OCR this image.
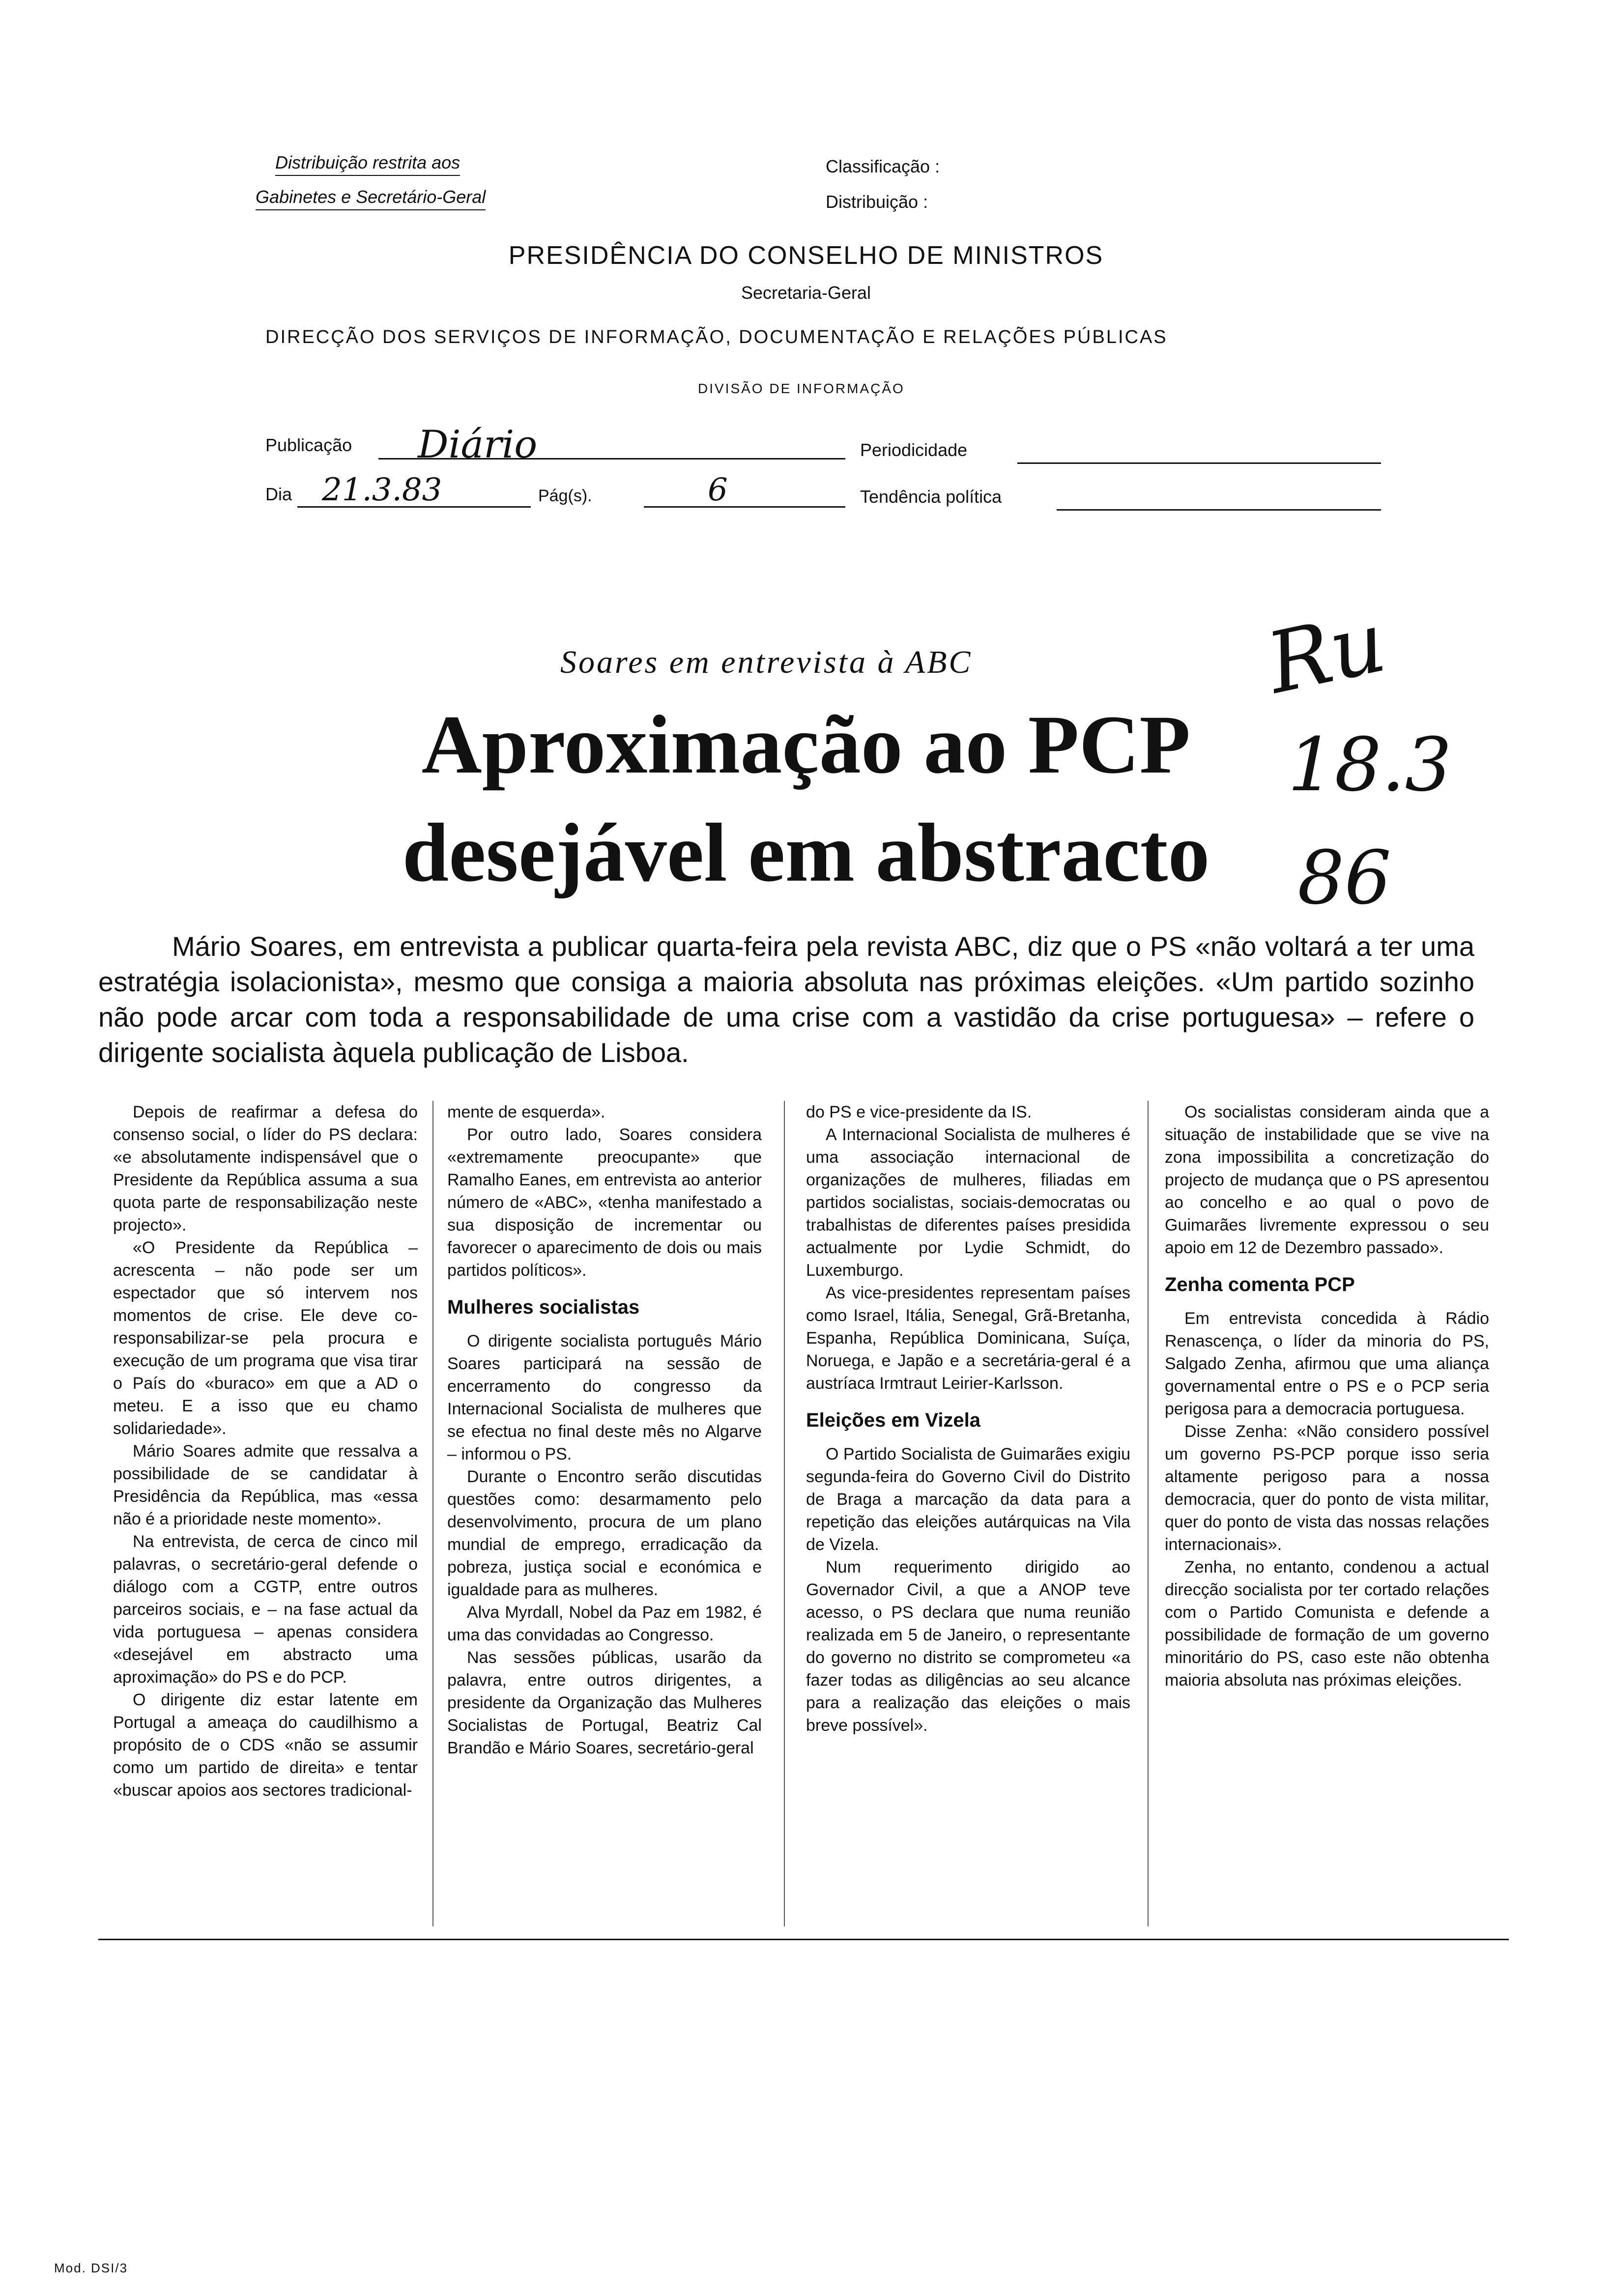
Distribuição restrita aos
Gabinetes e Secretário-Geral
Classificação :
Distribuição :
PRESIDÊNCIA DO CONSELHO DE MINISTROS
Secretaria-Geral
DIRECÇÃO DOS SERVIÇOS DE INFORMAÇÃO, DOCUMENTAÇÃO E RELAÇÕES PÚBLICAS
DIVISÃO DE INFORMAÇÃO
Publicação	Diário	Periodicidade
Dia 21.3.83	Pág(s).	6	Tendência política
Ru
18.3
86
Soares em entrevista à ABC
Aproximação ao PCP
desejável em abstracto
Mário Soares, em entrevista a publicar quarta-feira pela revista ABC, diz que o PS «não voltará a ter uma estratégia isolacionista», mesmo que consiga a maioria absoluta nas próximas eleições. «Um partido sozinho não pode arcar com toda a responsabilidade de uma crise com a vastidão da crise portuguesa» – refere o dirigente socialista àquela publicação de Lisboa.

Depois de reafirmar a defesa do consenso social, o líder do PS declara: «e absolutamente indispensável que o Presidente da República assuma a sua quota parte de responsabilização neste projecto».

«O Presidente da República – acrescenta – não pode ser um espectador que só intervem nos momentos de crise. Ele deve co-responsabilizar-se pela procura e execução de um programa que visa tirar o País do «buraco» em que a AD o meteu. E a isso que eu chamo solidariedade».

Mário Soares admite que ressalva a possibilidade de se candidatar à Presidência da República, mas «essa não é a prioridade neste momento».

Na entrevista, de cerca de cinco mil palavras, o secretário-geral defende o diálogo com a CGTP, entre outros parceiros sociais, e – na fase actual da vida portuguesa – apenas considera «desejável em abstracto uma aproximação» do PS e do PCP.

O dirigente diz estar latente em Portugal a ameaça do caudilhismo a propósito de o CDS «não se assumir como um partido de direita» e tentar «buscar apoios aos sectores tradicional-

mente de esquerda».

Por outro lado, Soares considera «extremamente preocupante» que Ramalho Eanes, em entrevista ao anterior número de «ABC», «tenha manifestado a sua disposição de incrementar ou favorecer o aparecimento de dois ou mais partidos políticos».

Mulheres socialistas

O dirigente socialista português Mário Soares participará na sessão de encerramento do congresso da Internacional Socialista de mulheres que se efectua no final deste mês no Algarve – informou o PS.

Durante o Encontro serão discutidas questões como: desarmamento pelo desenvolvimento, procura de um plano mundial de emprego, erradicação da pobreza, justiça social e económica e igualdade para as mulheres.

Alva Myrdall, Nobel da Paz em 1982, é uma das convidadas ao Congresso.

Nas sessões públicas, usarão da palavra, entre outros dirigentes, a presidente da Organização das Mulheres Socialistas de Portugal, Beatriz Cal Brandão e Mário Soares, secretário-geral

do PS e vice-presidente da IS.

A Internacional Socialista de mulheres é uma associação internacional de organizações de mulheres, filiadas em partidos socialistas, sociais-democratas ou trabalhistas de diferentes países presidida actualmente por Lydie Schmidt, do Luxemburgo.

As vice-presidentes representam países como Israel, Itália, Senegal, Grã-Bretanha, Espanha, República Dominicana, Suíça, Noruega, e Japão e a secretária-geral é a austríaca Irmtraut Leirier-Karlsson.

Eleições em Vizela

O Partido Socialista de Guimarães exigiu segunda-feira do Governo Civil do Distrito de Braga a marcação da data para a repetição das eleições autárquicas na Vila de Vizela.

Num requerimento dirigido ao Governador Civil, a que a ANOP teve acesso, o PS declara que numa reunião realizada em 5 de Janeiro, o representante do governo no distrito se comprometeu «a fazer todas as diligências ao seu alcance para a realização das eleições o mais breve possível».

Os socialistas consideram ainda que a situação de instabilidade que se vive na zona impossibilita a concretização do projecto de mudança que o PS apresentou ao concelho e ao qual o povo de Guimarães livremente expressou o seu apoio em 12 de Dezembro passado».

Zenha comenta PCP

Em entrevista concedida à Rádio Renascença, o líder da minoria do PS, Salgado Zenha, afirmou que uma aliança governamental entre o PS e o PCP seria perigosa para a democracia portuguesa.

Disse Zenha: «Não considero possível um governo PS-PCP porque isso seria altamente perigoso para a nossa democracia, quer do ponto de vista militar, quer do ponto de vista das nossas relações internacionais».

Zenha, no entanto, condenou a actual direcção socialista por ter cortado relações com o Partido Comunista e defende a possibilidade de formação de um governo minoritário do PS, caso este não obtenha maioria absoluta nas próximas eleições.

Mod. DSI/3
